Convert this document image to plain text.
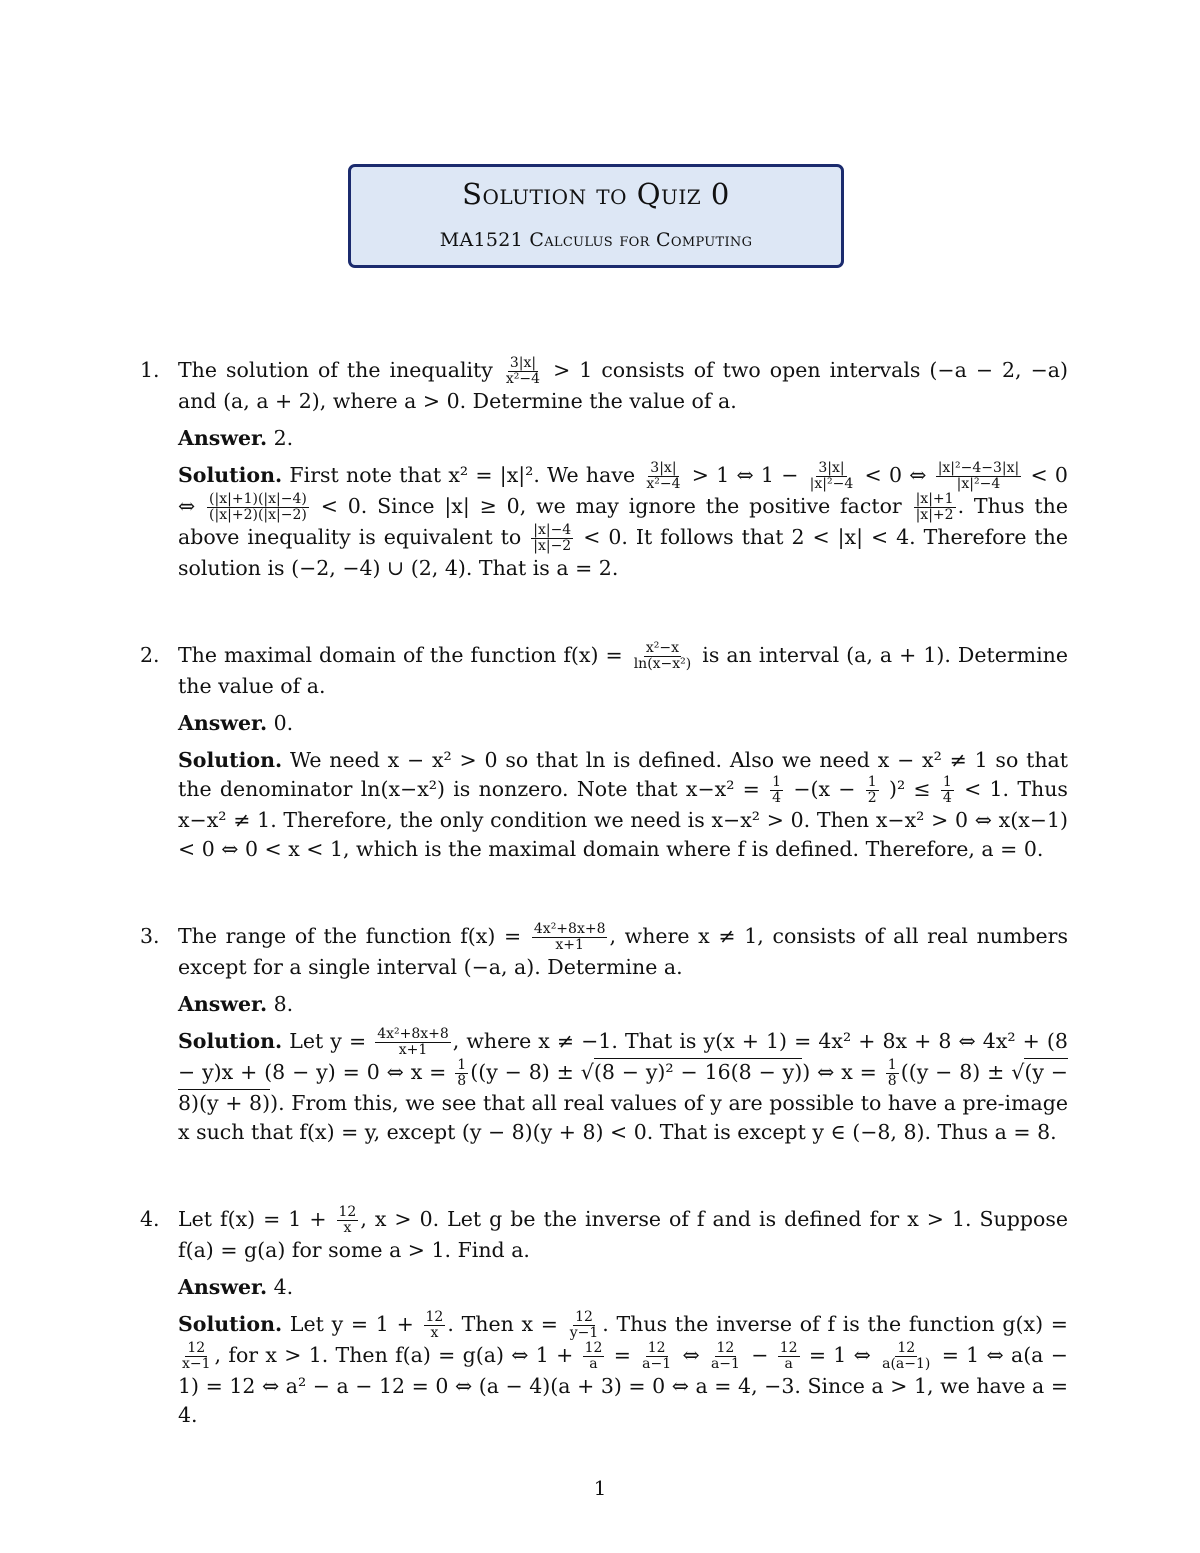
Solution to Quiz 0
MA1521 Calculus for Computing
1. The solution of the inequality $\frac{3|x|}{\text{x²−4}} > 1$ consists of two open intervals (−a − 2, −a) and (a, a + 2), where a > 0. Determine the value of a.

Answer. 2.

Solution. First note that x² = |x|². We have $\frac{3|x|}{\text{x²−4}} > 1$ ⇔ $1 - \frac{3|x|}{\text{|x|²−4}} < 0$ ⇔ $\frac{\text{|x|²−4−3|x|}}{\text{|x|²−4}} < 0$ ⇔ $\frac{(|x|+1)(|x|-4)}{(|x|+2)(|x|-2)} < 0$. Since |x| ≥ 0, we may ignore the positive factor $\frac{|x|+1}{|x|+2}$ . Thus the above inequality is equivalent to $\frac{|x|-4}{|x|-2} < 0$. It follows that 2 < |x| < 4. Therefore the solution is (−2, −4) ∪ (2, 4). That is a = 2.

2. The maximal domain of the function $f(x) = \frac{\text{x²−x}}{\text{ln(x−x²)}}$ is an interval (a, a + 1). Determine the value of a.

Answer. 0.

Solution. We need x − x² > 0 so that ln is defined. Also we need x − x² ≠ 1 so that the denominator ln(x−x²) is nonzero. Note that $x-x^2 = \frac{1}{4} -(x - \frac{1}{2} )^2 \le \frac{1}{4} < 1$. Thus x−x² ≠ 1. Therefore, the only condition we need is x−x² > 0. Then x−x² > 0 ⇔ x(x−1) < 0 ⇔ 0 < x < 1, which is the maximal domain where f is defined. Therefore, a = 0.

3. The range of the function $f(x) = \frac{\text{4x²+8x+8}}{x+1}$ , where x ≠ 1, consists of all real numbers except for a single interval (−a, a). Determine a.

Answer. 8.

Solution. Let $y = \frac{\text{4x²+8x+8}}{x+1}$ , where x ≠ −1. That is y(x + 1) = 4x² + 8x + 8 ⇔ 4x² + (8 − y)x + (8 − y) = 0 ⇔ $x = \frac{1}{8} ((y - 8) \pm √(8 - y)^2 - 16(8 - y))$ ⇔ $x = \frac{1}{8} ((y - 8) \pm √(y - 8)(y + 8))$. From this, we see that all real values of y are possible to have a pre-image x such that f(x) = y, except (y − 8)(y + 8) < 0. That is except y ∈ (−8, 8). Thus a = 8.

4. Let $f(x) = 1 + \frac{12}{x}$ , x > 0. Let g be the inverse of f and is defined for x > 1. Suppose f(a) = g(a) for some a > 1. Find a.

Answer. 4.

Solution. Let $y = 1 + \frac{12}{x}$ . Then $x = \frac{12}{y-1}$ . Thus the inverse of f is the function g(x) =
$\frac{12}{x-1}$ , for x > 1. Then f(a) = g(a) ⇔ $1 + \frac{12}{a} = \frac{12}{a-1}$ ⇔ $\frac{12}{a-1} - \frac{12}{a} = 1$ ⇔ $\frac{12}{a(a-1)} = 1$ ⇔ a(a − 1) = 12 ⇔ a² − a − 12 = 0 ⇔ (a − 4)(a + 3) = 0 ⇔ a = 4, −3. Since a > 1, we have a = 4.

1
